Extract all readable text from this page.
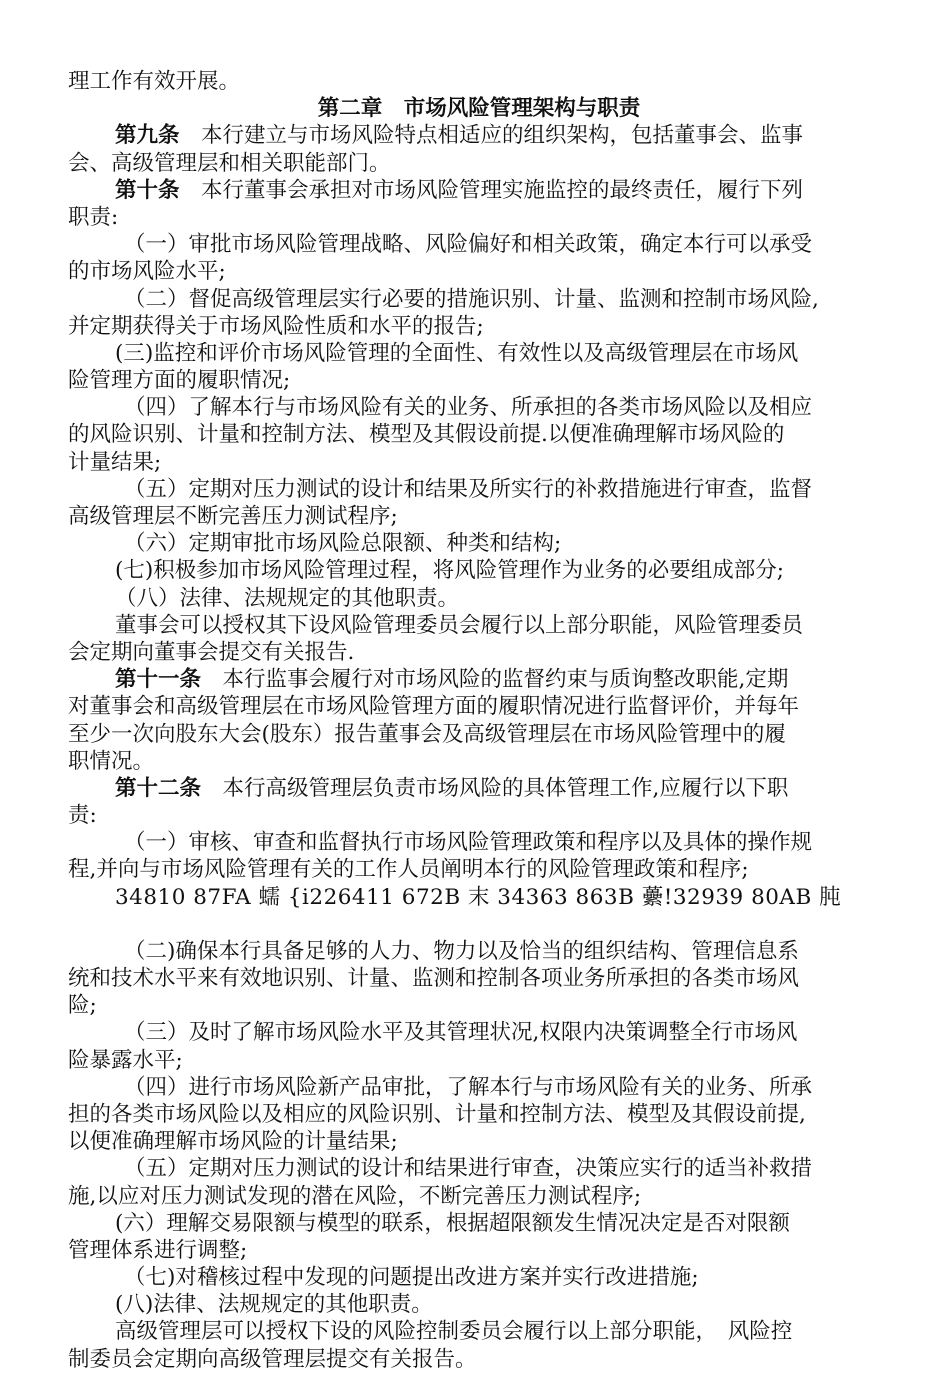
理工作有效开展。
第二章　市场风险管理架构与职责
第九条　本行建立与市场风险特点相适应的组织架构，包括董事会、监事
会、高级管理层和相关职能部门。
第十条　本行董事会承担对市场风险管理实施监控的最终责任，履行下列
职责:
（一）审批市场风险管理战略、风险偏好和相关政策，确定本行可以承受
的市场风险水平;
（二）督促高级管理层实行必要的措施识别、计量、监测和控制市场风险,
并定期获得关于市场风险性质和水平的报告;
(三)监控和评价市场风险管理的全面性、有效性以及高级管理层在市场风
险管理方面的履职情况;
（四）了解本行与市场风险有关的业务、所承担的各类市场风险以及相应
的风险识别、计量和控制方法、模型及其假设前提.以便准确理解市场风险的
计量结果;
（五）定期对压力测试的设计和结果及所实行的补救措施进行审查，监督
高级管理层不断完善压力测试程序;
（六）定期审批市场风险总限额、种类和结构;
(七)积极参加市场风险管理过程，将风险管理作为业务的必要组成部分;
（八）法律、法规规定的其他职责。
董事会可以授权其下设风险管理委员会履行以上部分职能，风险管理委员
会定期向董事会提交有关报告.
第十一条　本行监事会履行对市场风险的监督约束与质询整改职能,定期
对董事会和高级管理层在市场风险管理方面的履职情况进行监督评价，并每年
至少一次向股东大会(股东）报告董事会及高级管理层在市场风险管理中的履
职情况。
第十二条　本行高级管理层负责市场风险的具体管理工作,应履行以下职
责:
（一）审核、审查和监督执行市场风险管理政策和程序以及具体的操作规
程,并向与市场风险管理有关的工作人员阐明本行的风险管理政策和程序;
34810 87FA 蠕 {i226411 672B 末 34363 863B 虆!32939 80AB 肫
（二)确保本行具备足够的人力、物力以及恰当的组织结构、管理信息系
统和技术水平来有效地识别、计量、监测和控制各项业务所承担的各类市场风
险;
（三）及时了解市场风险水平及其管理状况,权限内决策调整全行市场风
险暴露水平;
（四）进行市场风险新产品审批，了解本行与市场风险有关的业务、所承
担的各类市场风险以及相应的风险识别、计量和控制方法、模型及其假设前提,
以便准确理解市场风险的计量结果;
（五）定期对压力测试的设计和结果进行审查，决策应实行的适当补救措
施,以应对压力测试发现的潜在风险，不断完善压力测试程序;
(六）理解交易限额与模型的联系，根据超限额发生情况决定是否对限额
管理体系进行调整;
（七)对稽核过程中发现的问题提出改进方案并实行改进措施;
(八)法律、法规规定的其他职责。
高级管理层可以授权下设的风险控制委员会履行以上部分职能，　风险控
制委员会定期向高级管理层提交有关报告。
